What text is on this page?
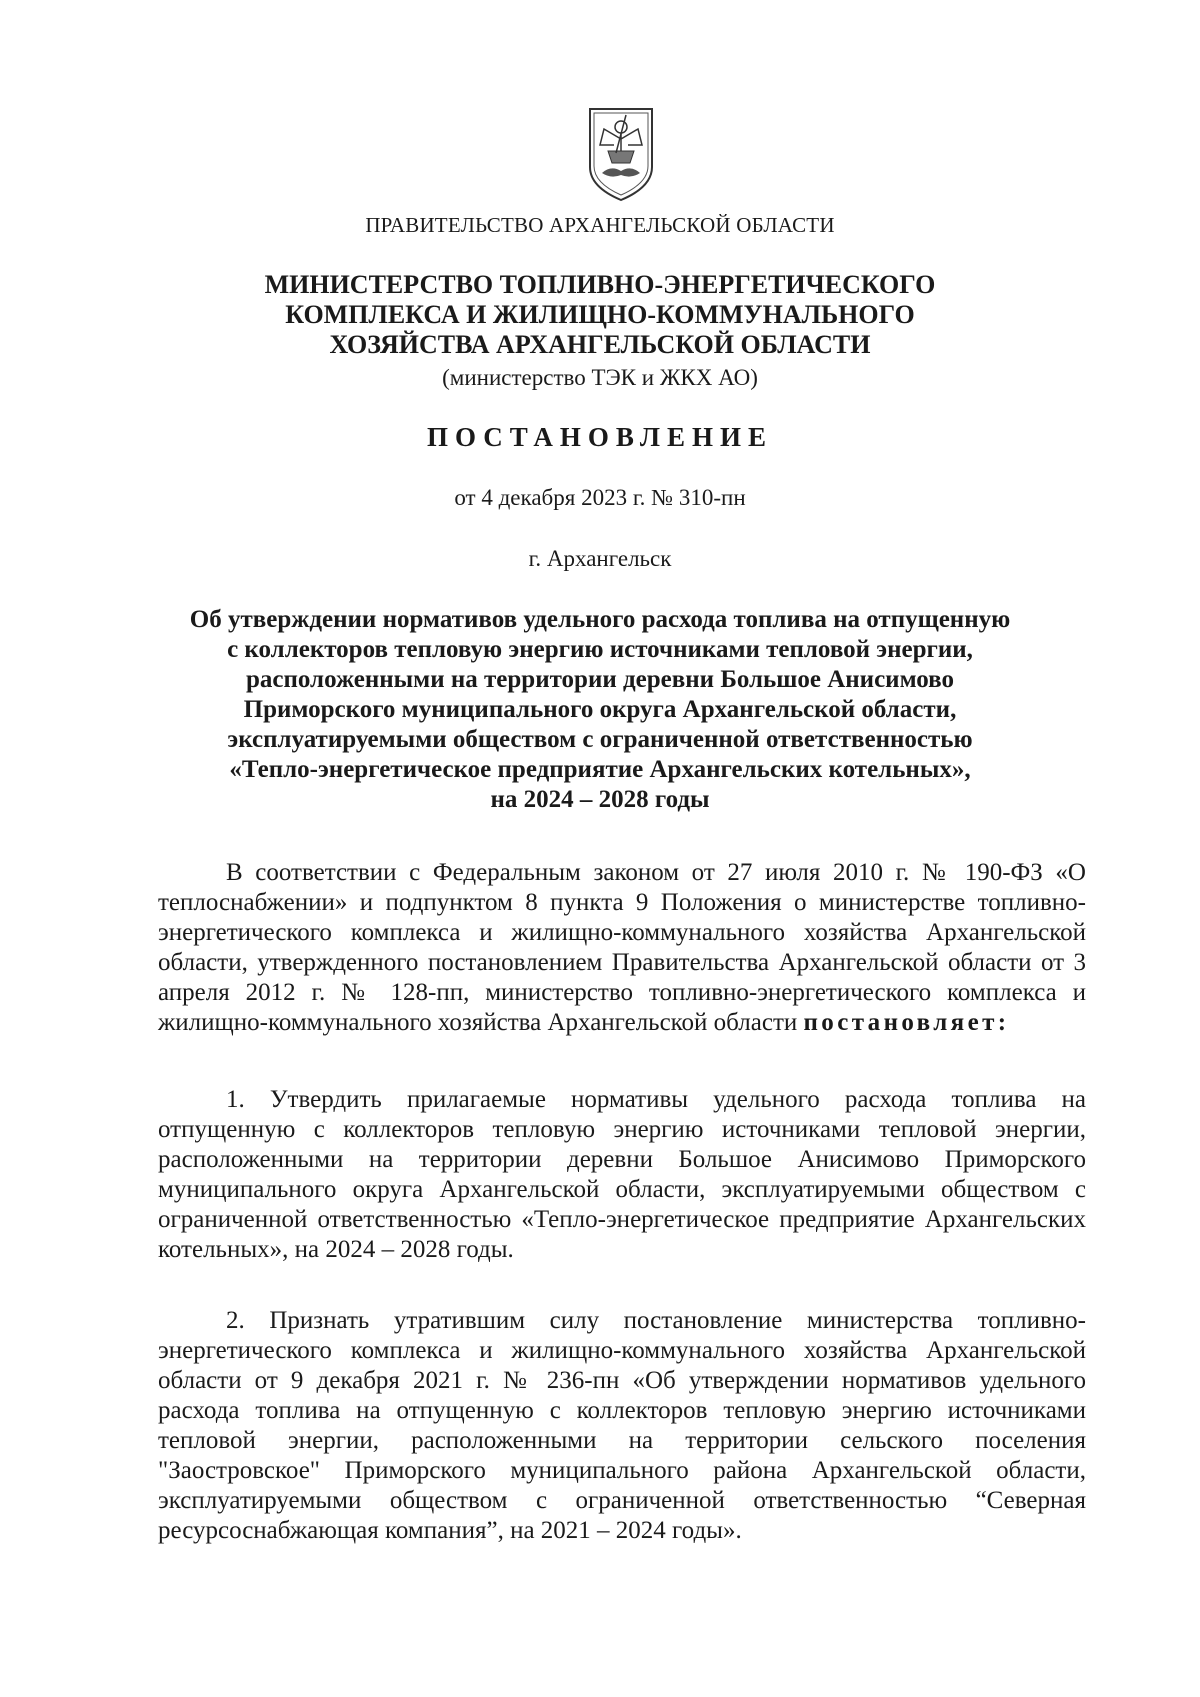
ПРАВИТЕЛЬСТВО АРХАНГЕЛЬСКОЙ ОБЛАСТИ
МИНИСТЕРСТВО ТОПЛИВНО-ЭНЕРГЕТИЧЕСКОГО
КОМПЛЕКСА И ЖИЛИЩНО-КОММУНАЛЬНОГО
ХОЗЯЙСТВА АРХАНГЕЛЬСКОЙ ОБЛАСТИ
(министерство ТЭК и ЖКХ АО)
ПОСТАНОВЛЕНИЕ
от 4 декабря 2023 г. № 310-пн
г. Архангельск
Об утверждении нормативов удельного расхода топлива на отпущенную
с коллекторов тепловую энергию источниками тепловой энергии,
расположенными на территории деревни Большое Анисимово
Приморского муниципального округа Архангельской области,
эксплуатируемыми обществом с ограниченной ответственностью
«Тепло-энергетическое предприятие Архангельских котельных»,
на 2024 – 2028 годы
В соответствии с Федеральным законом от 27 июля 2010 г. № 190-ФЗ «О теплоснабжении» и подпунктом 8 пункта 9 Положения о министерстве топливно-энергетического комплекса и жилищно-коммунального хозяйства Архангельской области, утвержденного постановлением Правительства Архангельской области от 3 апреля 2012 г. № 128-пп, министерство топливно-энергетического комплекса и жилищно-коммунального хозяйства Архангельской области постановляет:
1. Утвердить прилагаемые нормативы удельного расхода топлива на отпущенную с коллекторов тепловую энергию источниками тепловой энергии, расположенными на территории деревни Большое Анисимово Приморского муниципального округа Архангельской области, эксплуатируемыми обществом с ограниченной ответственностью «Тепло-энергетическое предприятие Архангельских котельных», на 2024 – 2028 годы.
2. Признать утратившим силу постановление министерства топливно-энергетического комплекса и жилищно-коммунального хозяйства Архангельской области от 9 декабря 2021 г. № 236-пн «Об утверждении нормативов удельного расхода топлива на отпущенную с коллекторов тепловую энергию источниками тепловой энергии, расположенными на территории сельского поселения "Заостровское" Приморского муниципального района Архангельской области, эксплуатируемыми обществом с ограниченной ответственностью “Северная ресурсоснабжающая компания”, на 2021 – 2024 годы».
